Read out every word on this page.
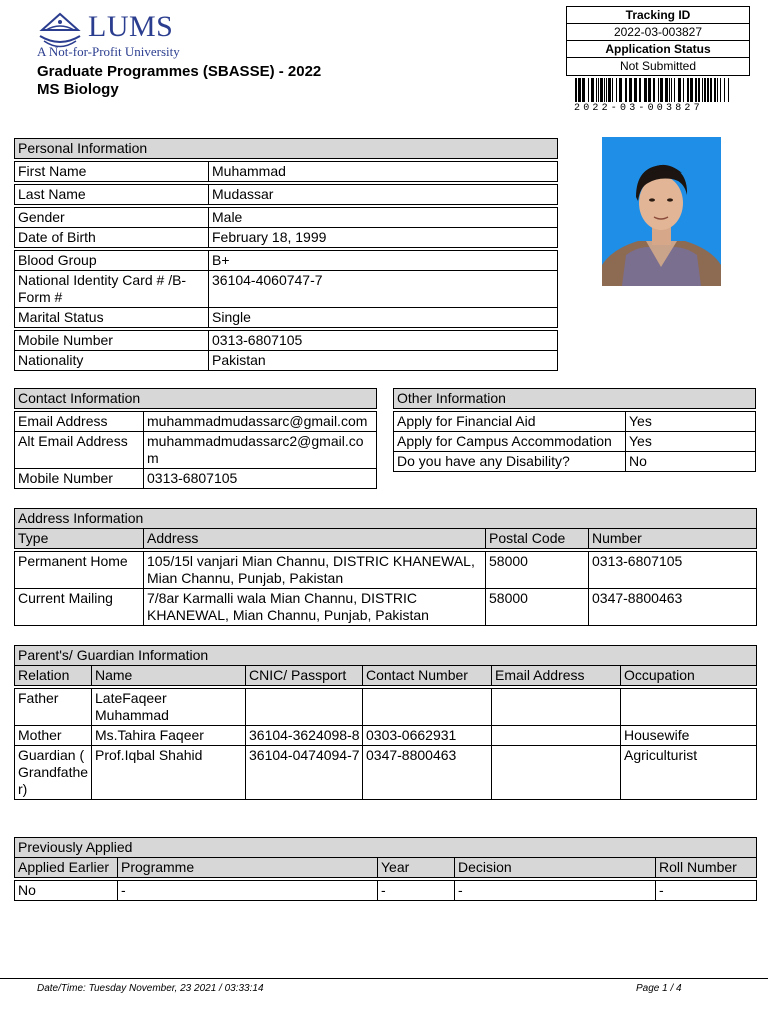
LUMS
A Not-for-Profit University
Graduate Programmes (SBASSE) - 2022
MS Biology
Tracking ID
2022-03-003827
Application Status
Not Submitted
2022-03-003827
Personal Information	

First Name	Muhammad

Last Name	Mudassar

Gender	Male
Date of Birth	February 18, 1999

Blood Group	B+
National Identity Card # /B-Form #	36104-4060747-7
Marital Status	Single

Mobile Number	0313-6807105
Nationality	Pakistan
Contact Information	

Email Address	muhammadmudassarc@gmail.com
Alt Email Address	muhammadmudassarc2@gmail.com
Mobile Number	0313-6807105
Other Information	

Apply for Financial Aid	Yes
Apply for Campus Accommodation	Yes
Do you have any Disability?	No
Address Information			
Type	Address	Postal Code	Number

Permanent Home	105/15l vanjari Mian Channu, DISTRIC KHANEWAL, Mian Channu, Punjab, Pakistan	58000	0313-6807105
Current Mailing	7/8ar Karmalli wala Mian Channu, DISTRIC KHANEWAL, Mian Channu, Punjab, Pakistan	58000	0347-8800463
Parent's/ Guardian Information					
Relation	Name	CNIC/ Passport	Contact Number	Email Address	Occupation

Father	LateFaqeer Muhammad				
Mother	Ms.Tahira Faqeer	36104-3624098-8	0303-0662931		Housewife
Guardian ( Grandfather)	Prof.Iqbal Shahid	36104-0474094-7	0347-8800463		Agriculturist
Previously Applied				
Applied Earlier	Programme	Year	Decision	Roll Number

No	-	-	-	-
Date/Time: Tuesday November, 23 2021 / 03:33:14	Page 1 / 4
